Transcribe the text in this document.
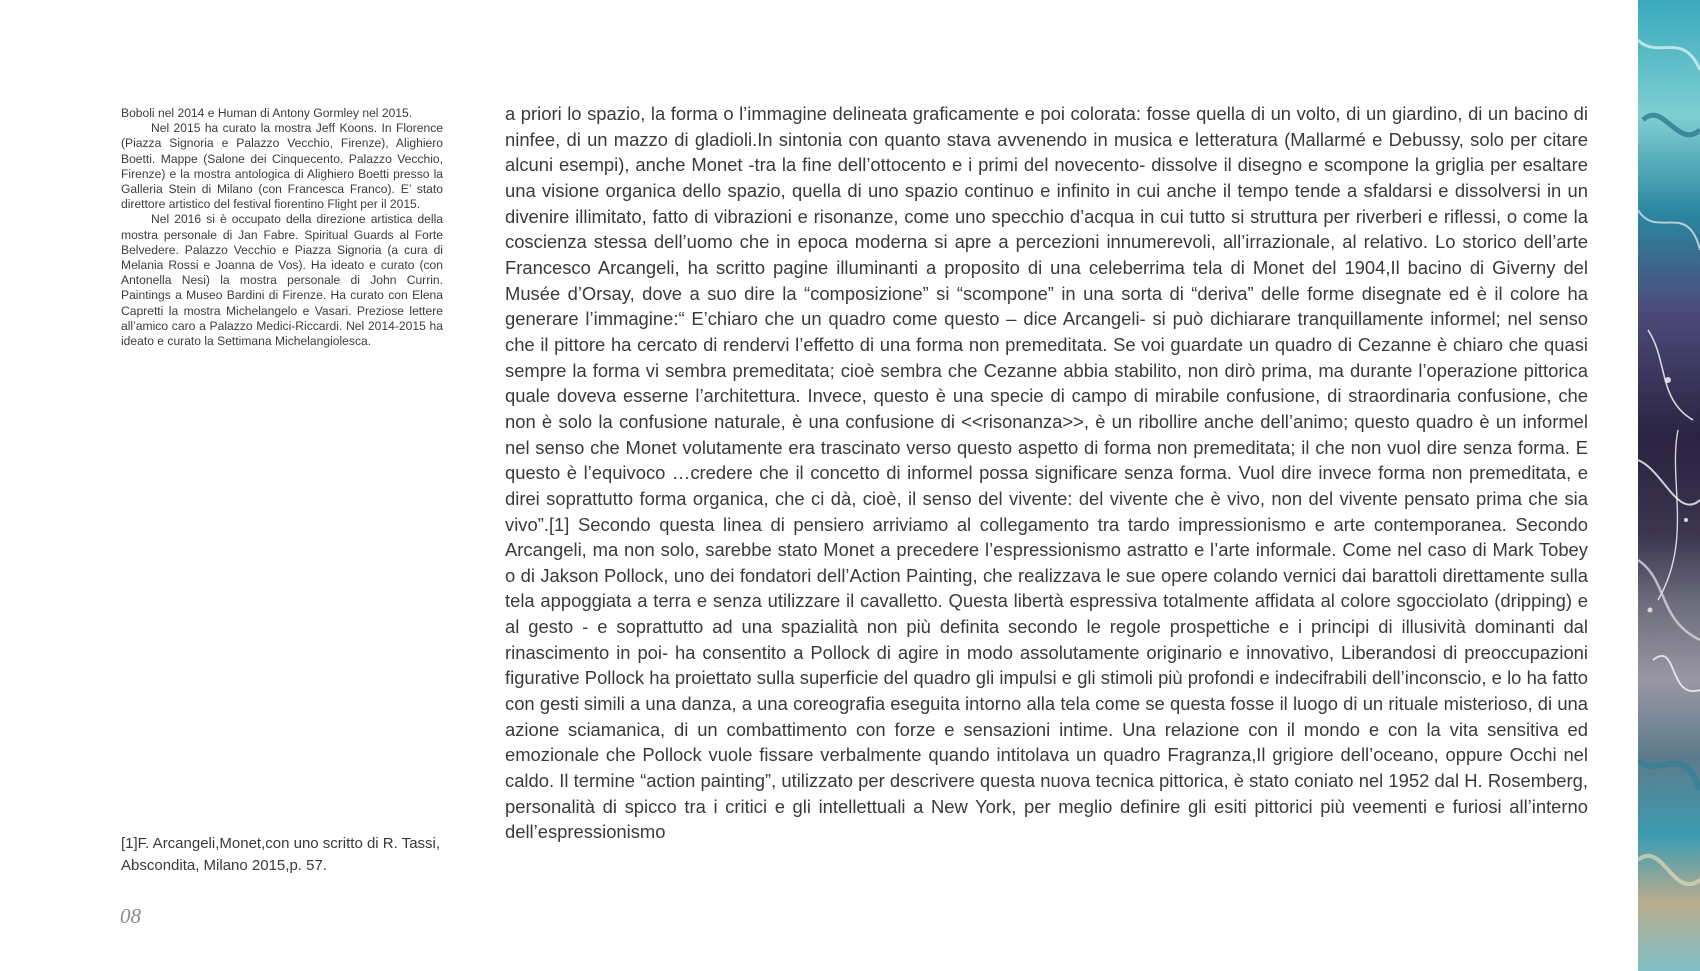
Boboli nel 2014 e Human di Antony Gormley nel 2015.

Nel 2015 ha curato la mostra Jeff Koons. In Florence (Piazza Signoria e Palazzo Vecchio, Firenze), Alighiero Boetti. Mappe (Salone dei Cinquecento. Palazzo Vecchio, Firenze) e la mostra antologica di Alighiero Boetti presso la Galleria Stein di Milano (con Francesca Franco). E’ stato direttore artistico del festival fiorentino Flight per il 2015.

Nel 2016 si è occupato della direzione artistica della mostra personale di Jan Fabre. Spiritual Guards al Forte Belvedere. Palazzo Vecchio e Piazza Signoria (a cura di Melania Rossi e Joanna de Vos). Ha ideato e curato (con Antonella Nesi) la mostra personale di John Currin. Paintings a Museo Bardini di Firenze. Ha curato con Elena Capretti la mostra Michelangelo e Vasari. Preziose lettere all’amico caro a Palazzo Medici-Riccardi. Nel 2014-2015 ha ideato e curato la Settimana Michelangiolesca.

a priori lo spazio, la forma o l’immagine delineata graficamente e poi colorata: fosse quella di un volto, di un giardino, di un bacino di ninfee, di un mazzo di gladioli.In sintonia con quanto stava avvenendo in musica e letteratura (Mallarmé e Debussy, solo per citare alcuni esempi), anche Monet -tra la fine dell’ottocento e i primi del novecento- dissolve il disegno e scompone la griglia per esaltare una visione organica dello spazio, quella di uno spazio continuo e infinito in cui anche il tempo tende a sfaldarsi e dissolversi in un divenire illimitato, fatto di vibrazioni e risonanze, come uno specchio d’acqua in cui tutto si struttura per riverberi e riflessi, o come la coscienza stessa dell’uomo che in epoca moderna si apre a percezioni innumerevoli, all’irrazionale, al relativo. Lo storico dell’arte Francesco Arcangeli, ha scritto pagine illuminanti a proposito di una celeberrima tela di Monet del 1904,Il bacino di Giverny del Musée d’Orsay, dove a suo dire la “composizione” si “scompone” in una sorta di “deriva” delle forme disegnate ed è il colore ha generare l’immagine:“ E’chiaro che un quadro come questo – dice Arcangeli- si può dichiarare tranquillamente informel; nel senso che il pittore ha cercato di rendervi l’effetto di una forma non premeditata. Se voi guardate un quadro di Cezanne è chiaro che quasi sempre la forma vi sembra premeditata; cioè sembra che Cezanne abbia stabilito, non dirò prima, ma durante l’operazione pittorica quale doveva esserne l’architettura. Invece, questo è una specie di campo di mirabile confusione, di straordinaria confusione, che non è solo la confusione naturale, è una confusione di <<risonanza>>, è un ribollire anche dell’animo; questo quadro è un informel nel senso che Monet volutamente era trascinato verso questo aspetto di forma non premeditata; il che non vuol dire senza forma. E questo è l’equivoco …credere che il concetto di informel possa significare senza forma. Vuol dire invece forma non premeditata, e direi soprattutto forma organica, che ci dà, cioè, il senso del vivente: del vivente che è vivo, non del vivente pensato prima che sia vivo”.[1] Secondo questa linea di pensiero arriviamo al collegamento tra tardo impressionismo e arte contemporanea. Secondo Arcangeli, ma non solo, sarebbe stato Monet a precedere l’espressionismo astratto e l’arte informale. Come nel caso di Mark Tobey o di Jakson Pollock, uno dei fondatori dell’Action Painting, che realizzava le sue opere colando vernici dai barattoli direttamente sulla tela appoggiata a terra e senza utilizzare il cavalletto. Questa libertà espressiva totalmente affidata al colore sgocciolato (dripping) e al gesto - e soprattutto ad una spazialità non più definita secondo le regole prospettiche e i principi di illusività dominanti dal rinascimento in poi- ha consentito a Pollock di agire in modo assolutamente originario e innovativo, Liberandosi di preoccupazioni figurative Pollock ha proiettato sulla superficie del quadro gli impulsi e gli stimoli più profondi e indecifrabili dell’inconscio, e lo ha fatto con gesti simili a una danza, a una coreografia eseguita intorno alla tela come se questa fosse il luogo di un rituale misterioso, di una azione sciamanica, di un combattimento con forze e sensazioni intime. Una relazione con il mondo e con la vita sensitiva ed emozionale che Pollock vuole fissare verbalmente quando intitolava un quadro Fragranza,Il grigiore dell’oceano, oppure Occhi nel caldo. Il termine “action painting”, utilizzato per descrivere questa nuova tecnica pittorica, è stato coniato nel 1952 dal H. Rosemberg, personalità di spicco tra i critici e gli intellettuali a New York, per meglio definire gli esiti pittorici più veementi e furiosi all’interno dell’espressionismo

[1]F. Arcangeli,Monet,con uno scritto di R. Tassi, Abscondita, Milano 2015,p. 57.
08
